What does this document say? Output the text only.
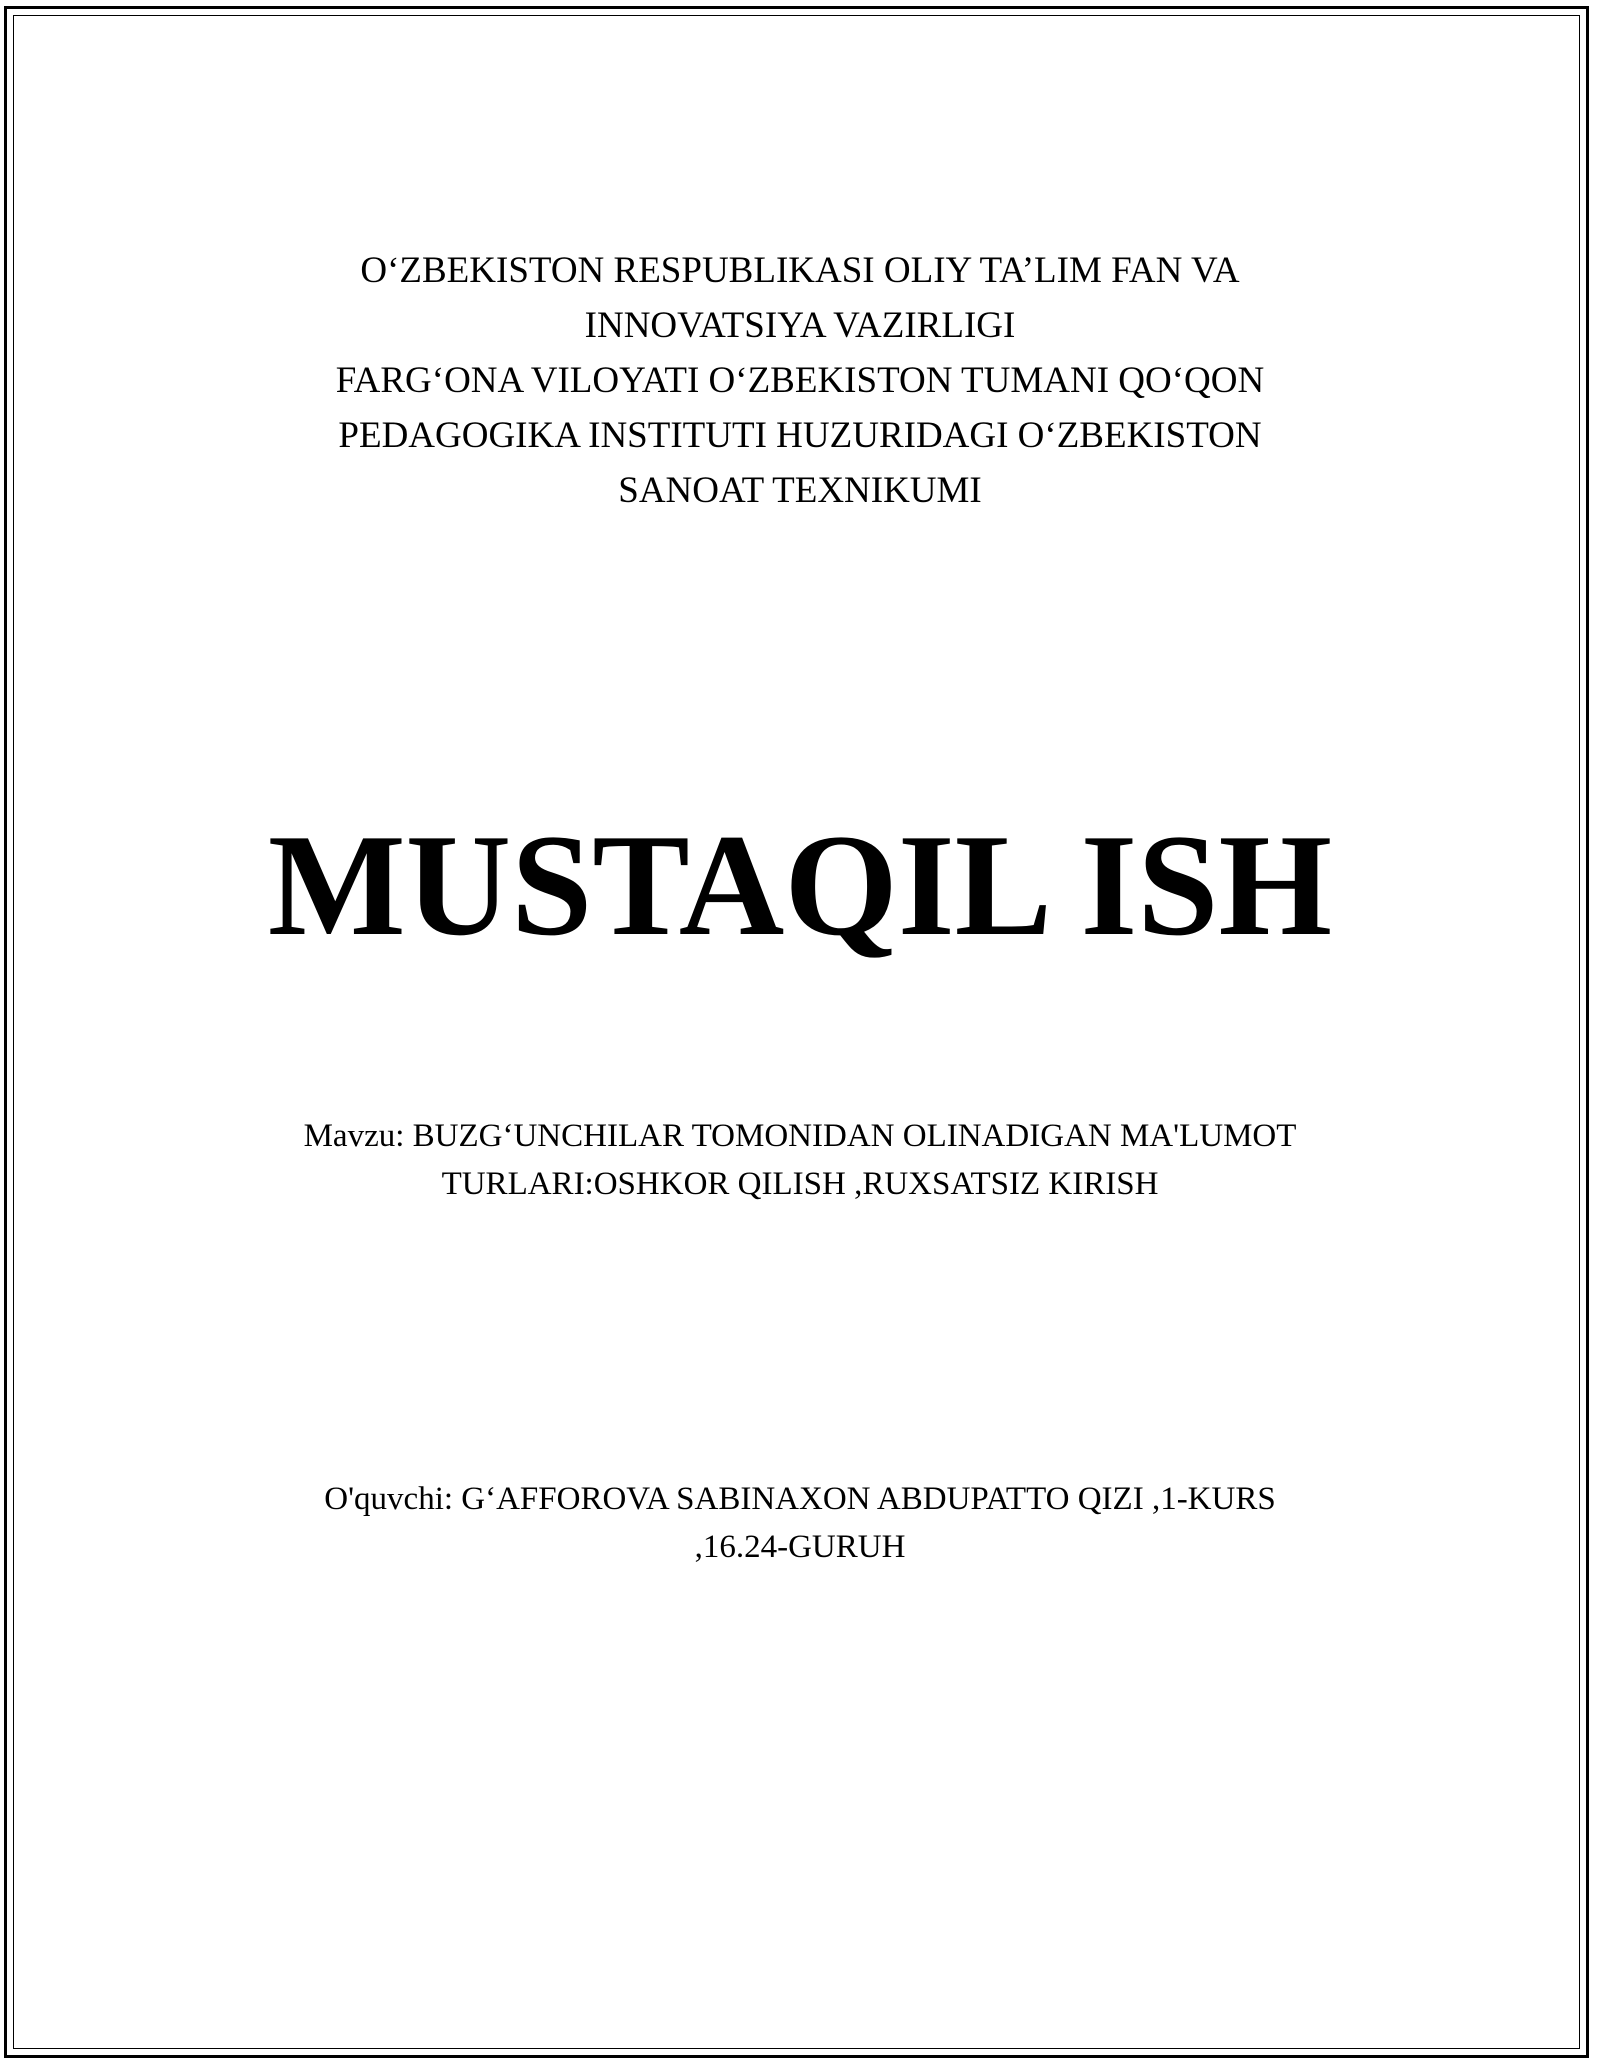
O‘ZBEKISTON RESPUBLIKASI OLIY TA’LIM FAN VA
INNOVATSIYA VAZIRLIGI
FARG‘ONA VILOYATI O‘ZBEKISTON TUMANI QO‘QON
PEDAGOGIKA INSTITUTI HUZURIDAGI O‘ZBEKISTON
SANOAT TEXNIKUMI
MUSTAQIL ISH
Mavzu: BUZG‘UNCHILAR TOMONIDAN OLINADIGAN MA'LUMOT
TURLARI:OSHKOR QILISH ,RUXSATSIZ KIRISH
O'quvchi: G‘AFFOROVA SABINAXON ABDUPATTO QIZI ,1-KURS
,16.24-GURUH
